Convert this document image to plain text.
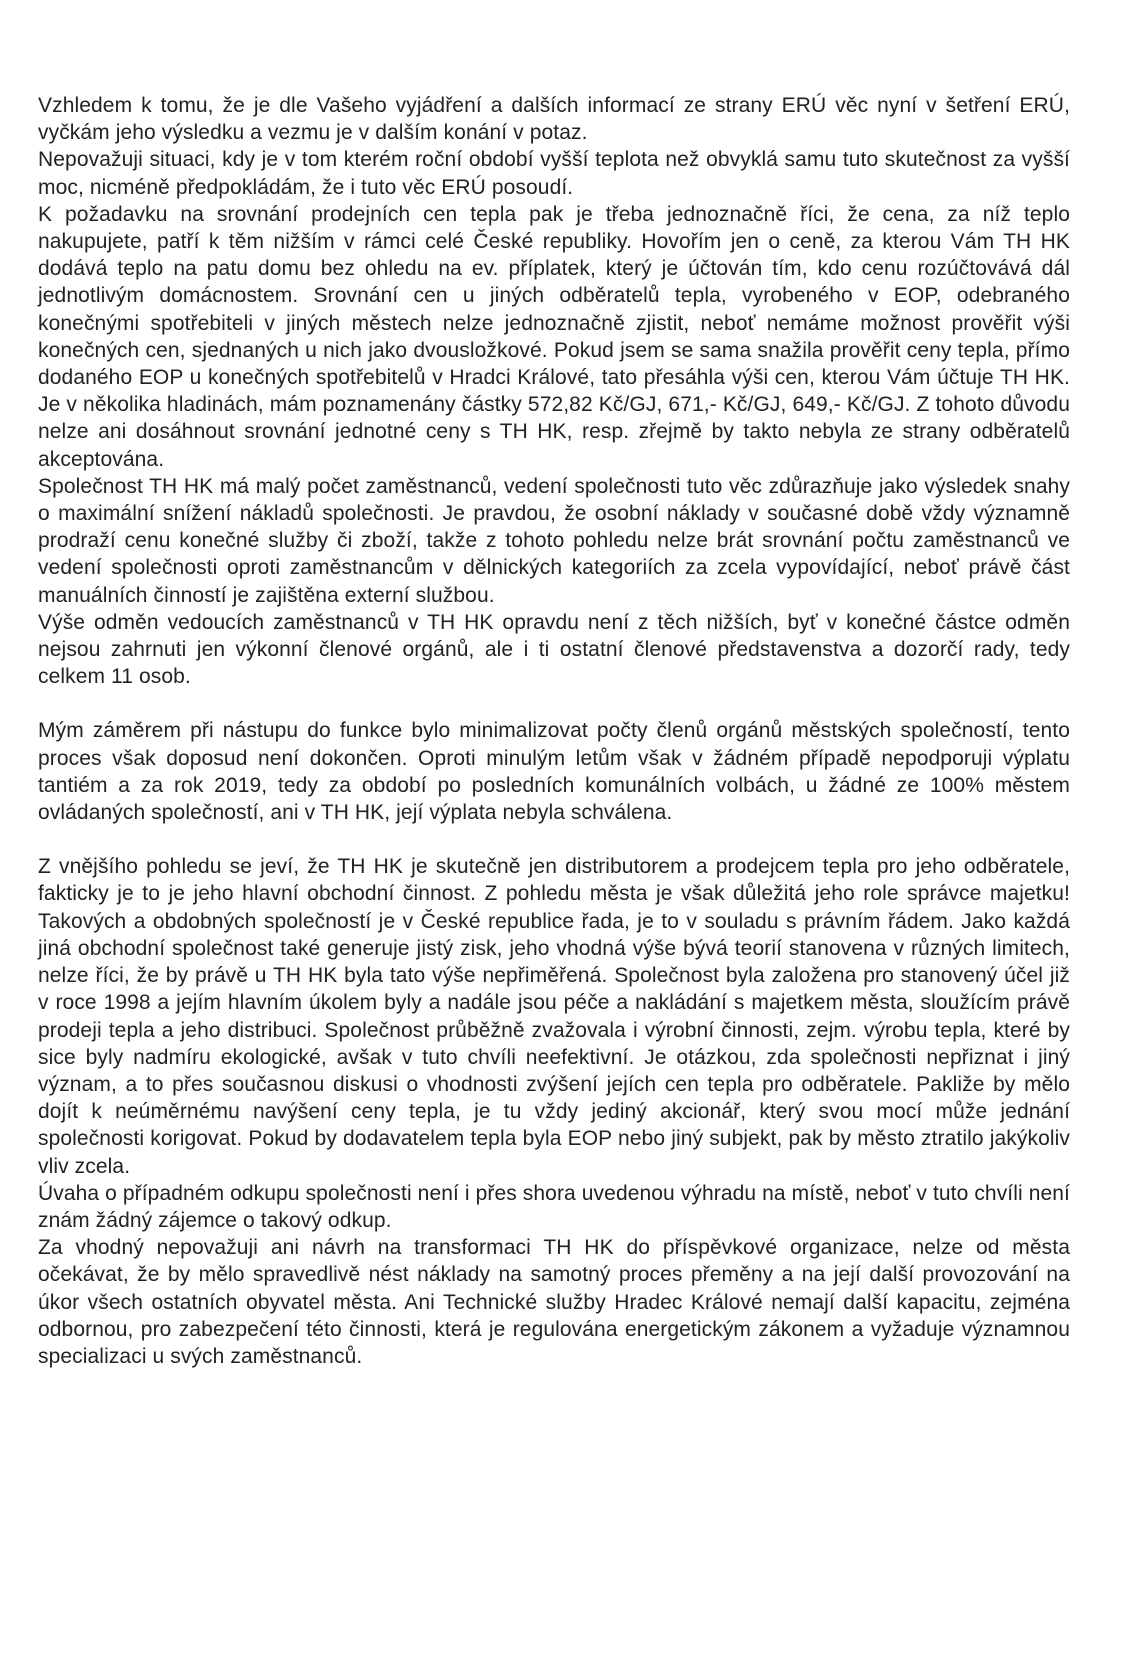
Vzhledem k tomu, že je dle Vašeho vyjádření a dalších informací ze strany ERÚ věc nyní v šetření ERÚ, vyčkám jeho výsledku a vezmu je v dalším konání v potaz.

Nepovažuji situaci, kdy je v tom kterém roční období vyšší teplota než obvyklá samu tuto skutečnost za vyšší moc, nicméně předpokládám, že i tuto věc ERÚ posoudí.

K požadavku na srovnání prodejních cen tepla pak je třeba jednoznačně říci, že cena, za níž teplo nakupujete, patří k těm nižším v rámci celé České republiky. Hovořím jen o ceně, za kterou Vám TH HK dodává teplo na patu domu bez ohledu na ev. příplatek, který je účtován tím, kdo cenu rozúčtovává dál jednotlivým domácnostem. Srovnání cen u jiných odběratelů tepla, vyrobeného v EOP, odebraného konečnými spotřebiteli v jiných městech nelze jednoznačně zjistit, neboť nemáme možnost prověřit výši konečných cen, sjednaných u nich jako dvousložkové. Pokud jsem se sama snažila prověřit ceny tepla, přímo dodaného EOP u konečných spotřebitelů v Hradci Králové, tato přesáhla výši cen, kterou Vám účtuje TH HK. Je v několika hladinách, mám poznamenány částky 572,82 Kč/GJ, 671,- Kč/GJ, 649,- Kč/GJ. Z tohoto důvodu nelze ani dosáhnout srovnání jednotné ceny s TH HK, resp. zřejmě by takto nebyla ze strany odběratelů akceptována.

Společnost TH HK má malý počet zaměstnanců, vedení společnosti tuto věc zdůrazňuje jako výsledek snahy o maximální snížení nákladů společnosti. Je pravdou, že osobní náklady v současné době vždy významně prodraží cenu konečné služby či zboží, takže z tohoto pohledu nelze brát srovnání počtu zaměstnanců ve vedení společnosti oproti zaměstnancům v dělnických kategoriích za zcela vypovídající, neboť právě část manuálních činností je zajištěna externí službou.

Výše odměn vedoucích zaměstnanců v TH HK opravdu není z těch nižších, byť v konečné částce odměn nejsou zahrnuti jen výkonní členové orgánů, ale i ti ostatní členové představenstva a dozorčí rady, tedy celkem 11 osob.

Mým záměrem při nástupu do funkce bylo minimalizovat počty členů orgánů městských společností, tento proces však doposud není dokončen. Oproti minulým letům však v žádném případě nepodporuji výplatu tantiém a za rok 2019, tedy za období po posledních komunálních volbách, u žádné ze 100% městem ovládaných společností, ani v TH HK, její výplata nebyla schválena.

Z vnějšího pohledu se jeví, že TH HK je skutečně jen distributorem a prodejcem tepla pro jeho odběratele, fakticky je to je jeho hlavní obchodní činnost. Z pohledu města je však důležitá jeho role správce majetku! Takových a obdobných společností je v České republice řada, je to v souladu s právním řádem. Jako každá jiná obchodní společnost také generuje jistý zisk, jeho vhodná výše bývá teorií stanovena v různých limitech, nelze říci, že by právě u TH HK byla tato výše nepřiměřená. Společnost byla založena pro stanovený účel již v roce 1998 a jejím hlavním úkolem byly a nadále jsou péče a nakládání s majetkem města, sloužícím právě prodeji tepla a jeho distribuci. Společnost průběžně zvažovala i výrobní činnosti, zejm. výrobu tepla, které by sice byly nadmíru ekologické, avšak v tuto chvíli neefektivní. Je otázkou, zda společnosti nepřiznat i jiný význam, a to přes současnou diskusi o vhodnosti zvýšení jejích cen tepla pro odběratele. Pakliže by mělo dojít k neúměrnému navýšení ceny tepla, je tu vždy jediný akcionář, který svou mocí může jednání společnosti korigovat. Pokud by dodavatelem tepla byla EOP nebo jiný subjekt, pak by město ztratilo jakýkoliv vliv zcela.

Úvaha o případném odkupu společnosti není i přes shora uvedenou výhradu na místě, neboť v tuto chvíli není znám žádný zájemce o takový odkup.

Za vhodný nepovažuji ani návrh na transformaci TH HK do příspěvkové organizace, nelze od města očekávat, že by mělo spravedlivě nést náklady na samotný proces přeměny a na její další provozování na úkor všech ostatních obyvatel města. Ani Technické služby Hradec Králové nemají další kapacitu, zejména odbornou, pro zabezpečení této činnosti, která je regulována energetickým zákonem a vyžaduje významnou specializaci u svých zaměstnanců.
